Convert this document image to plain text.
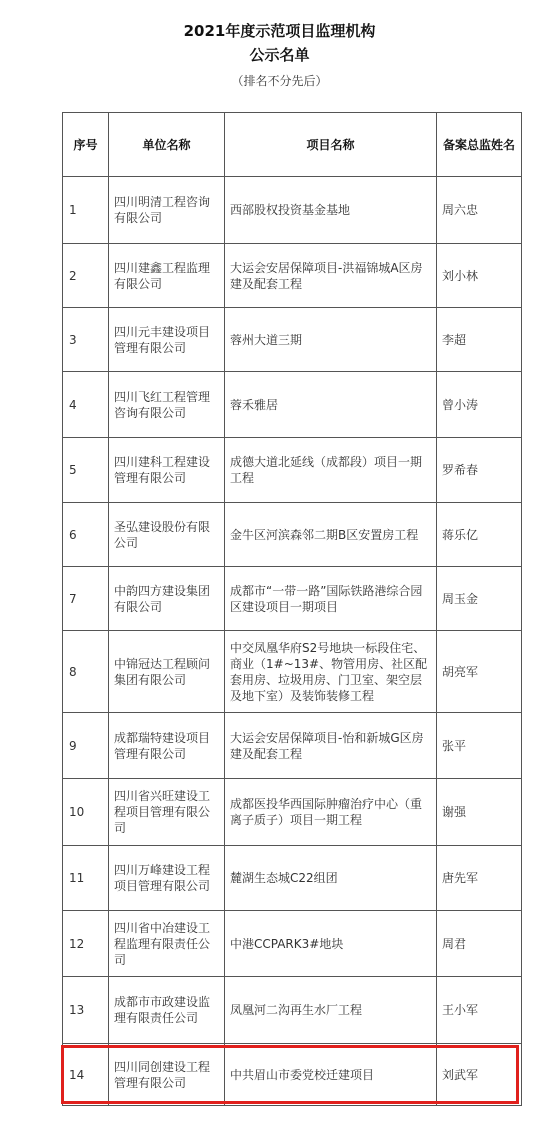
2021年度示范项目监理机构
公示名单
（排名不分先后）
序号	单位名称	项目名称	备案总监姓名
1	四川明清工程咨询有限公司	西部股权投资基金基地	周六忠
2	四川建鑫工程监理有限公司	大运会安居保障项目-洪福锦城A区房建及配套工程	刘小林
3	四川元丰建设项目管理有限公司	蓉州大道三期	李超
4	四川飞红工程管理咨询有限公司	蓉禾雅居	曾小涛
5	四川建科工程建设管理有限公司	成德大道北延线（成都段）项目一期工程	罗希春
6	圣弘建设股份有限公司	金牛区河滨森邻二期B区安置房工程	蒋乐亿
7	中韵四方建设集团有限公司	成都市“一带一路”国际铁路港综合园区建设项目一期项目	周玉金
8	中锦冠达工程顾问集团有限公司	中交凤凰华府S2号地块一标段住宅、商业（1#~13#、物管用房、社区配套用房、垃圾用房、门卫室、架空层及地下室）及装饰装修工程	胡亮军
9	成都瑞特建设项目管理有限公司	大运会安居保障项目-怡和新城G区房建及配套工程	张平
10	四川省兴旺建设工程项目管理有限公司	成都医投华西国际肿瘤治疗中心（重离子质子）项目一期工程	谢强
11	四川万峰建设工程项目管理有限公司	麓湖生态城C22组团	唐先军
12	四川省中冶建设工程监理有限责任公司	中港CCPARK3#地块	周君
13	成都市市政建设监理有限责任公司	凤凰河二沟再生水厂工程	王小军
14	四川同创建设工程管理有限公司	中共眉山市委党校迁建项目	刘武军
